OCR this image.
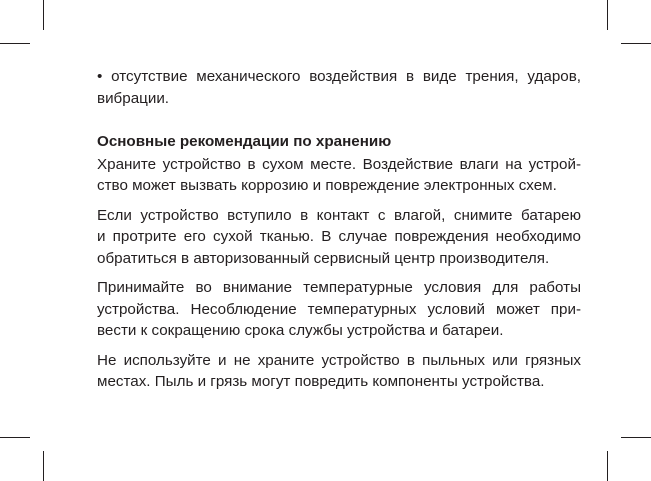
• отсутствие механического воздействия в виде трения, ударов,
вибрации.

Основные рекомендации по хранению

Храните устройство в сухом месте. Воздействие влаги на устрой-
ство может вызвать коррозию и повреждение электронных схем.

Если устройство вступило в контакт с влагой, снимите батарею
и протрите его сухой тканью. В случае повреждения необходимо
обратиться в авторизованный сервисный центр производителя.

Принимайте во внимание температурные условия для работы
устройства. Несоблюдение температурных условий может при-
вести к сокращению срока службы устройства и батареи.

Не используйте и не храните устройство в пыльных или грязных
местах. Пыль и грязь могут повредить компоненты устройства.
